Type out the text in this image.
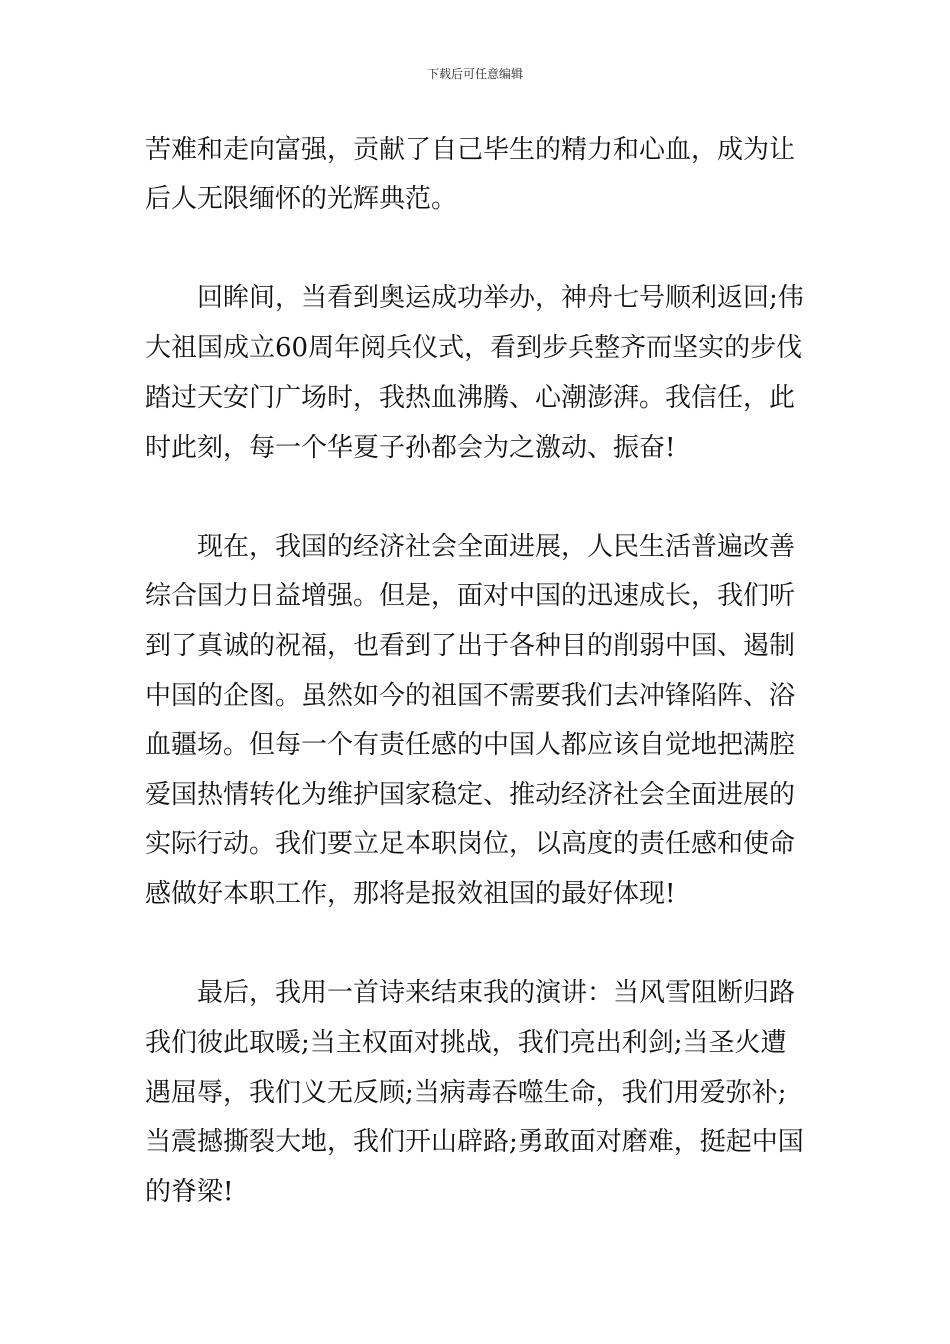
下载后可任意编辑
苦难和走向富强，贡献了自己毕生的精力和心血，成为让
后人无限缅怀的光辉典范。
回眸间，当看到奥运成功举办，神舟七号顺利返回;伟
大祖国成立60周年阅兵仪式，看到步兵整齐而坚实的步伐
踏过天安门广场时，我热血沸腾、心潮澎湃。我信任，此
时此刻，每一个华夏子孙都会为之激动、振奋!
现在，我国的经济社会全面进展，人民生活普遍改善
综合国力日益增强。但是，面对中国的迅速成长，我们听
到了真诚的祝福，也看到了出于各种目的削弱中国、遏制
中国的企图。虽然如今的祖国不需要我们去冲锋陷阵、浴
血疆场。但每一个有责任感的中国人都应该自觉地把满腔
爱国热情转化为维护国家稳定、推动经济社会全面进展的
实际行动。我们要立足本职岗位，以高度的责任感和使命
感做好本职工作，那将是报效祖国的最好体现!
最后，我用一首诗来结束我的演讲：当风雪阻断归路
我们彼此取暖;当主权面对挑战，我们亮出利剑;当圣火遭
遇屈辱，我们义无反顾;当病毒吞噬生命，我们用爱弥补;
当震撼撕裂大地，我们开山辟路;勇敢面对磨难，挺起中国
的脊梁!
